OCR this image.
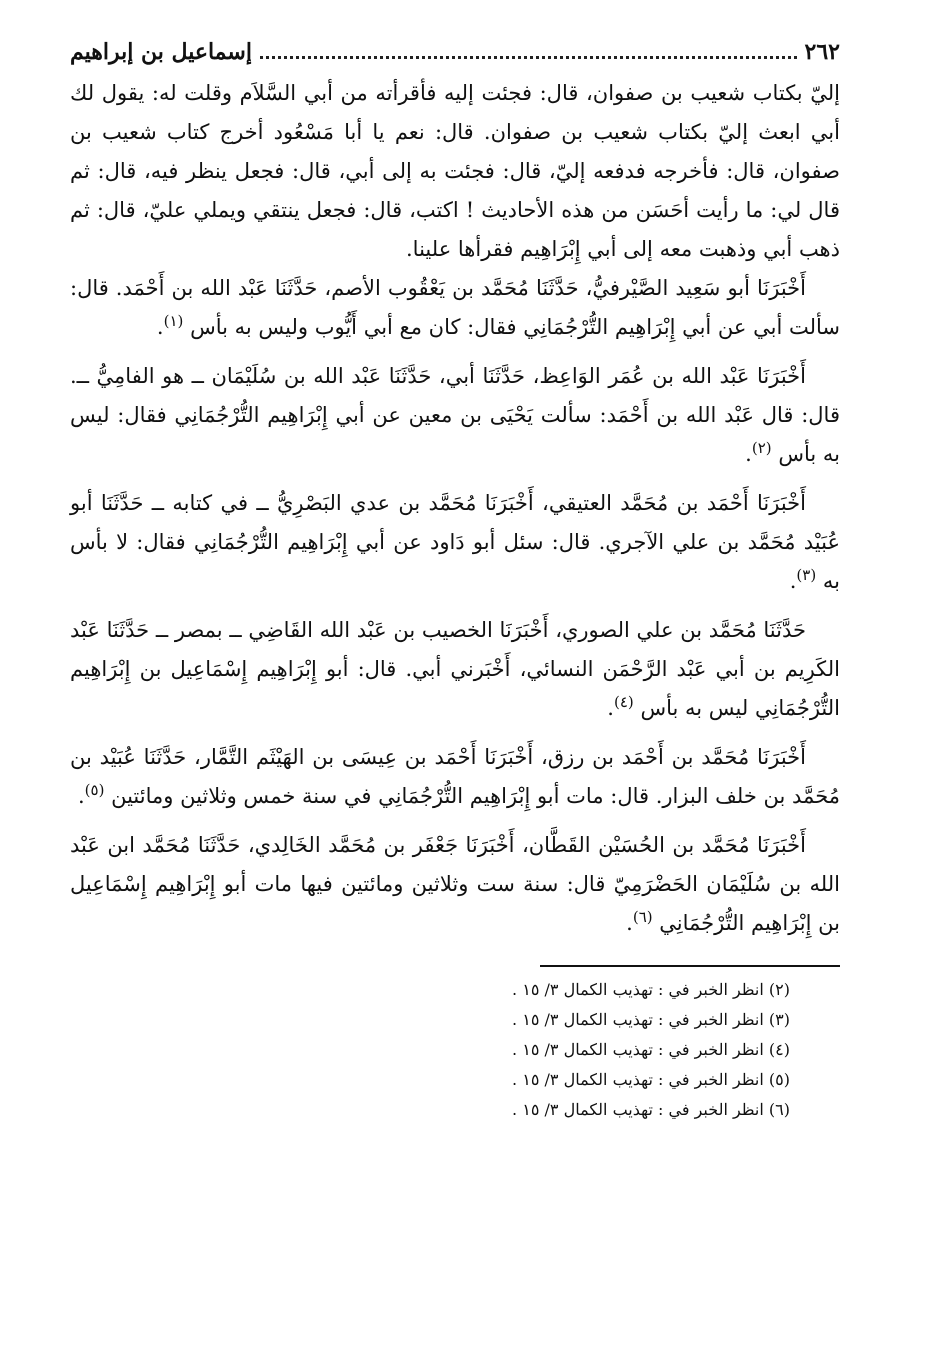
٢٦٢
إسماعيل بن إبراهيم

إليّ بكتاب شعيب بن صفوان، قال: فجئت إليه فأقرأته من أبي السَّلاَم وقلت له: يقول لك أبي ابعث إليّ بكتاب شعيب بن صفوان. قال: نعم يا أبا مَسْعُود أخرج كتاب شعيب بن صفوان، قال: فأخرجه فدفعه إليّ، قال: فجئت به إلى أبي، قال: فجعل ينظر فيه، قال: ثم قال لي: ما رأيت أحَسَن من هذه الأحاديث ! اكتب، قال: فجعل ينتقي ويملي عليّ، قال: ثم ذهب أبي وذهبت معه إلى أبي إِبْرَاهِيم فقرأها علينا.

أَخْبَرَنَا أبو سَعِيد الصَّيْرفيُّ، حَدَّثَنَا مُحَمَّد بن يَعْقُوب الأصم، حَدَّثَنَا عَبْد الله بن أَحْمَد. قال: سألت أبي عن أبي إِبْرَاهِيم التُّرْجُمَانِي فقال: كان مع أبي أَيُّوب وليس به بأس $^{(١)}$.

أَخْبَرَنَا عَبْد الله بن عُمَر الوَاعِظ، حَدَّثَنَا أبي، حَدَّثَنَا عَبْد الله بن سُلَيْمَان ــ هو الفامِيُّ ــ. قال: قال عَبْد الله بن أَحْمَد: سألت يَحْيَى بن معين عن أبي إِبْرَاهِيم التُّرْجُمَانِي فقال: ليس به بأس $^{(٢)}$.

أَخْبَرَنَا أَحْمَد بن مُحَمَّد العتيقي، أَخْبَرَنَا مُحَمَّد بن عدي البَصْرِيُّ ــ في كتابه ــ حَدَّثَنَا أبو عُبَيْد مُحَمَّد بن علي الآجري. قال: سئل أبو دَاود عن أبي إِبْرَاهِيم التُّرْجُمَانِي فقال: لا بأس به $^{(٣)}$.

حَدَّثَنَا مُحَمَّد بن علي الصوري، أَخْبَرَنَا الخصيب بن عَبْد الله القَاضِي ــ بمصر ــ حَدَّثَنَا عَبْد الكَرِيم بن أبي عَبْد الرَّحْمَن النسائي، أَخْبَرني أبي. قال: أبو إِبْرَاهِيم إِسْمَاعِيل بن إِبْرَاهِيم التُّرْجُمَانِي ليس به بأس $^{(٤)}$.

أَخْبَرَنَا مُحَمَّد بن أَحْمَد بن رزق، أَخْبَرَنَا أَحْمَد بن عِيسَى بن الهَيْثَم التَّمَّار، حَدَّثَنَا عُبَيْد بن مُحَمَّد بن خلف البزار. قال: مات أبو إِبْرَاهِيم التُّرْجُمَانِي في سنة خمس وثلاثين ومائتين $^{(٥)}$.

أَخْبَرَنَا مُحَمَّد بن الحُسَيْن القَطَّان، أَخْبَرَنَا جَعْفَر بن مُحَمَّد الخَالِدي، حَدَّثَنَا مُحَمَّد ابن عَبْد الله بن سُلَيْمَان الحَضْرَمِيّ قال: سنة ست وثلاثين ومائتين فيها مات أبو إِبْرَاهِيم إِسْمَاعِيل بن إِبْرَاهِيم التُّرْجُمَانِي $^{(٦)}$.

(٢) انظر الخبر في : تهذيب الكمال ٣/ ١٥ .
(٣) انظر الخبر في : تهذيب الكمال ٣/ ١٥ .
(٤) انظر الخبر في : تهذيب الكمال ٣/ ١٥ .
(٥) انظر الخبر في : تهذيب الكمال ٣/ ١٥ .
(٦) انظر الخبر في : تهذيب الكمال ٣/ ١٥ .
